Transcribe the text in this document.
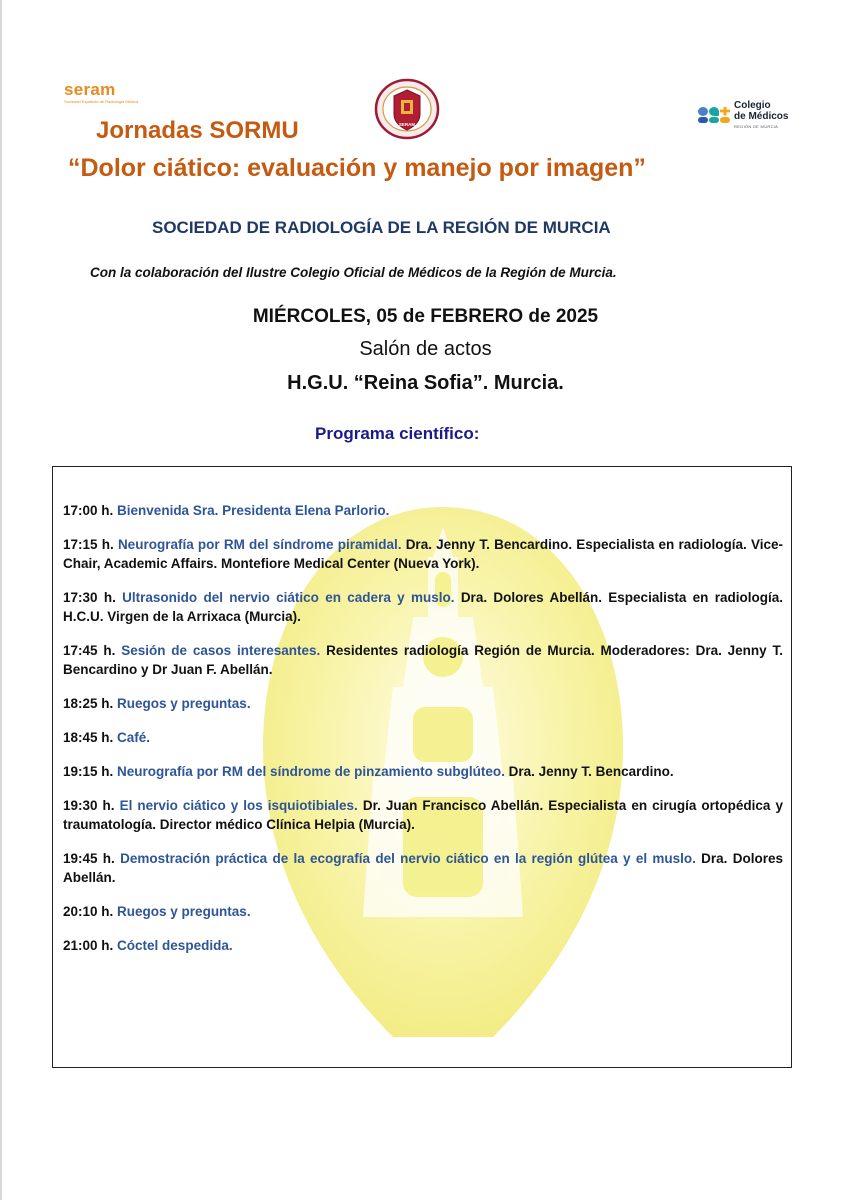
seram
Sociedad Española de Radiología Médica
SERAM
Colegio
de Médicos
REGIÓN DE MURCIA
Jornadas SORMU
“Dolor ciático: evaluación y manejo por imagen”
SOCIEDAD DE RADIOLOGÍA DE LA REGIÓN DE MURCIA
Con la colaboración del Ilustre Colegio Oficial de Médicos de la Región de Murcia.
MIÉRCOLES, 05 de FEBRERO de 2025
Salón de actos
H.G.U. “Reina Sofia”. Murcia.
Programa científico:
17:00 h. Bienvenida Sra. Presidenta Elena Parlorio.
17:15 h. Neurografía por RM del síndrome piramidal. Dra. Jenny T. Bencardino. Especialista en radiología. Vice-Chair, Academic Affairs. Montefiore Medical Center (Nueva York).
17:30 h. Ultrasonido del nervio ciático en cadera y muslo. Dra. Dolores Abellán. Especialista en radiología. H.C.U. Virgen de la Arrixaca (Murcia).
17:45 h. Sesión de casos interesantes. Residentes radiología Región de Murcia. Moderadores: Dra. Jenny T. Bencardino y Dr Juan F. Abellán.
18:25 h. Ruegos y preguntas.
18:45 h. Café.
19:15 h. Neurografía por RM del síndrome de pinzamiento subglúteo. Dra. Jenny T. Bencardino.
19:30 h. El nervio ciático y los isquiotibiales. Dr. Juan Francisco Abellán. Especialista en cirugía ortopédica y traumatología. Director médico Clínica Helpia (Murcia).
19:45 h. Demostración práctica de la ecografía del nervio ciático en la región glútea y el muslo. Dra. Dolores Abellán.
20:10 h. Ruegos y preguntas.
21:00 h. Cóctel despedida.
